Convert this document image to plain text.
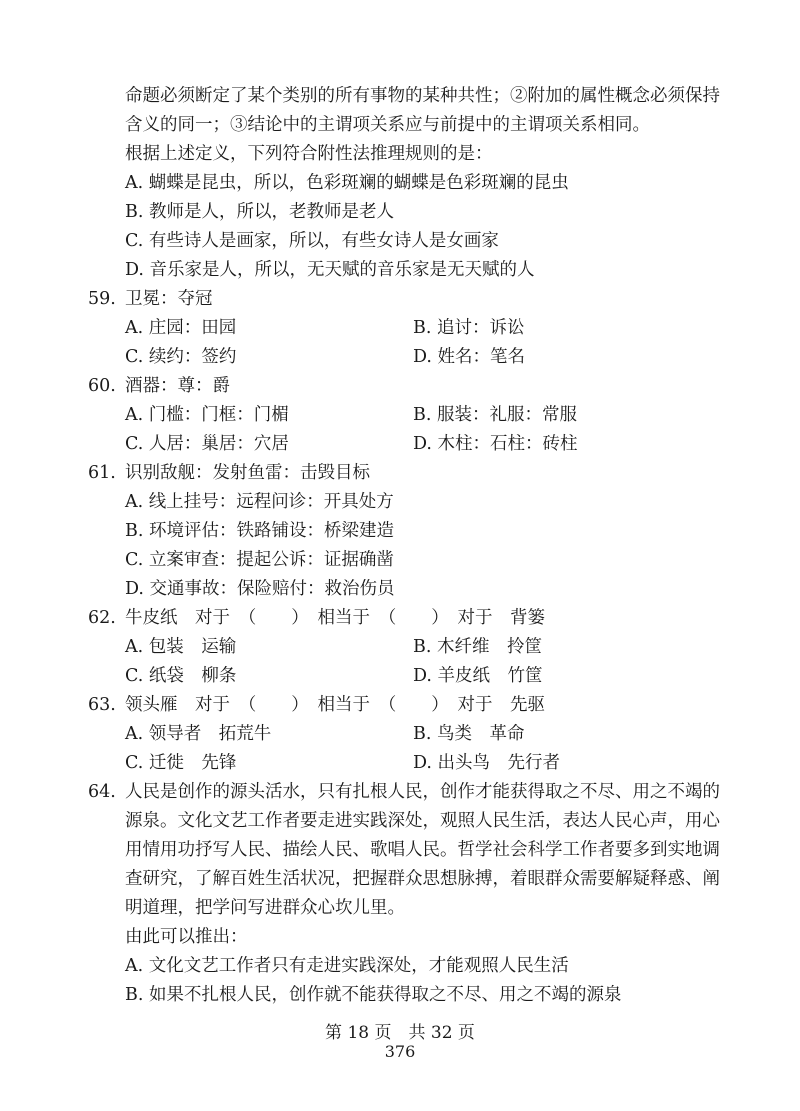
命题必须断定了某个类别的所有事物的某种共性；②附加的属性概念必须保持
含义的同一；③结论中的主谓项关系应与前提中的主谓项关系相同。
根据上述定义，下列符合附性法推理规则的是：
A. 蝴蝶是昆虫，所以，色彩斑斓的蝴蝶是色彩斑斓的昆虫
B. 教师是人，所以，老教师是老人
C. 有些诗人是画家，所以，有些女诗人是女画家
D. 音乐家是人，所以，无天赋的音乐家是无天赋的人
59. 卫冕：夺冠
A. 庄园：田园	B. 追讨：诉讼
C. 续约：签约	D. 姓名：笔名
60. 酒器：尊：爵
A. 门槛：门框：门楣	B. 服装：礼服：常服
C. 人居：巢居：穴居	D. 木柱：石柱：砖柱
61. 识别敌舰：发射鱼雷：击毁目标
A. 线上挂号：远程问诊：开具处方
B. 环境评估：铁路铺设：桥梁建造
C. 立案审查：提起公诉：证据确凿
D. 交通事故：保险赔付：救治伤员
62. 牛皮纸　对于　（　　）　相当于　（　　）　对于　背篓
A. 包装　运输	B. 木纤维　拎筐
C. 纸袋　柳条	D. 羊皮纸　竹筐
63. 领头雁　对于　（　　）　相当于　（　　）　对于　先驱
A. 领导者　拓荒牛	B. 鸟类　革命
C. 迁徙　先锋	D. 出头鸟　先行者
64. 人民是创作的源头活水，只有扎根人民，创作才能获得取之不尽、用之不竭的
源泉。文化文艺工作者要走进实践深处，观照人民生活，表达人民心声，用心
用情用功抒写人民、描绘人民、歌唱人民。哲学社会科学工作者要多到实地调
查研究，了解百姓生活状况，把握群众思想脉搏，着眼群众需要解疑释惑、阐
明道理，把学问写进群众心坎儿里。
由此可以推出：
A. 文化文艺工作者只有走进实践深处，才能观照人民生活
B. 如果不扎根人民，创作就不能获得取之不尽、用之不竭的源泉
第 18 页　共 32 页
376
